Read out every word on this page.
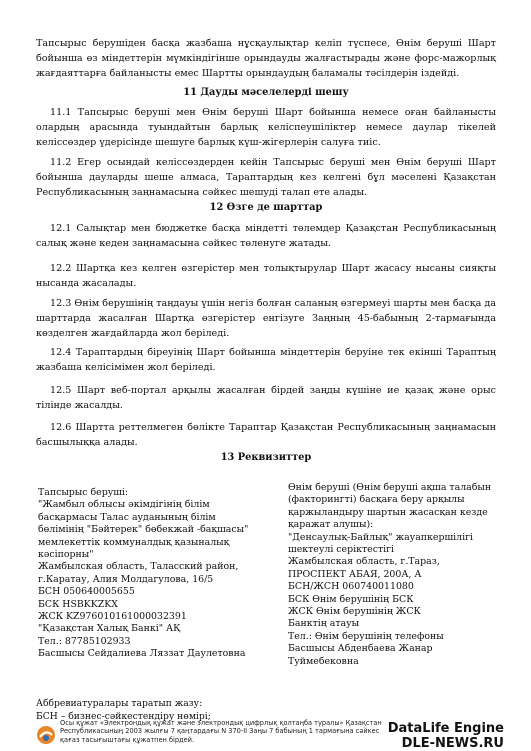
Тапсырыс берушіден басқа жазбаша нұсқаулықтар келіп түспесе, Өнім беруші Шарт бойынша өз міндеттерін мүмкіндігінше орындауды жалғастырады және форс-мажорлық жағдаяттарға байланысты емес Шартты орындаудың баламалы тәсілдерін іздейді.

11 Дауды мәселелерді шешу

11.1 Тапсырыс беруші мен Өнім беруші Шарт бойынша немесе оған байланысты олардың арасында туындайтын барлық келіспеушіліктер немесе даулар тікелей келіссөздер үдерісінде шешуге барлық күш-жігерлерін салуға тиіс.

11.2 Егер осындай келіссөздерден кейін Тапсырыс беруші мен Өнім беруші Шарт бойынша дауларды шеше алмаса, Тараптардың кез келгені бұл мәселені Қазақстан Республикасының заңнамасына сәйкес шешуді талап ете алады.

12 Өзге де шарттар

12.1 Салықтар мен бюджетке басқа міндетті төлемдер Қазақстан Республикасының салық және кеден заңнамасына сәйкес төленуге жатады.

12.2 Шартқа кез келген өзгерістер мен толықтырулар Шарт жасасу нысаны сияқты нысанда жасалады.

12.3 Өнім берушінің таңдауы үшін негіз болған саланың өзгермеуі шарты мен басқа да шарттарда жасалған Шартқа өзгерістер енгізуге Заңның 45-бабының 2-тармағында көзделген жағдайларда жол беріледі.

12.4 Тараптардың біреуінің Шарт бойынша міндеттерін беруіне тек екінші Тараптың жазбаша келісімімен жол беріледі.

12.5 Шарт веб-портал арқылы жасалған бірдей заңды күшіне ие қазақ және орыс тілінде жасалды.

12.6 Шартта реттелмеген бөлікте Тараптар Қазақстан Республикасының заңнамасын басшылыққа алады.

13 Реквизиттер

Тапсырыс беруші:
"Жамбыл облысы әкімдігінің білім басқармасы Талас ауданының білім бөлімінің "Бәйтерек" бөбекжай -бақшасы" мемлекеттік коммуналдық қазыналық кәсіпорны"
Жамбылская область, Таласский район, г.Каратау, Алия Молдагулова, 16/5
БСН 050640005655
БСК HSBKKZKX
ЖСК KZ976010161000032391
"Қазақстан Халық Банкі" АҚ
Тел.: 87785102933
Басшысы Сейдалиева Ляззат Даулетовна

Өнім беруші (Өнім беруші ақша талабын (факторингті) басқаға беру арқылы қаржыландыру шартын жасасқан кезде қаражат алушы):
"Денсаулық-Байлық" жауапкершілігі шектеулі серіктестігі
Жамбылская область, г.Тараз, ПРОСПЕКТ АБАЯ, 200А, А
БСН/ЖСН 060740011080
БСК Өнім берушінің БСК
ЖСК Өнім берушінің ЖСК
Банктің атауы
Тел.: Өнім берушінің телефоны
Басшысы Абденбаева Жанар Туймебековна

Аббревиатуралары таратып жазу:

БСН – бизнес-сәйкестендіру нөмірі;

Осы құжат «Электрондық құжат және электрондық цифрлық қолтаңба туралы» Қазақстан Республикасының 2003 жылғы 7 қаңтардағы N 370-II Заңы 7 бабының 1 тармағына сәйкес қағаз тасығыштағы құжатпен бірдей.
DataLife Engine
DLE-NEWS.RU
